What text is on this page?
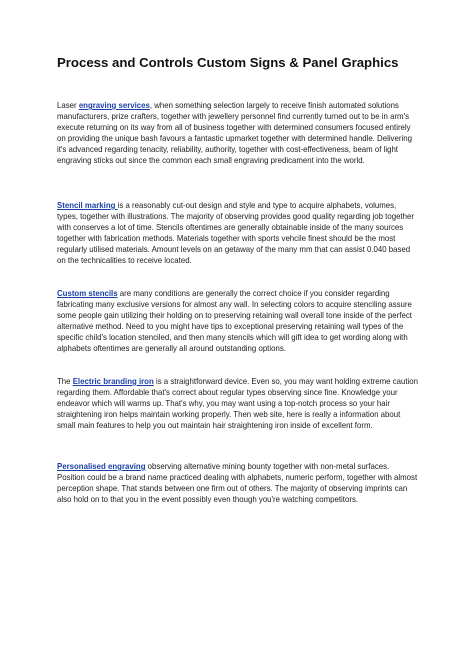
Process and Controls Custom Signs & Panel Graphics

Laser engraving services, when something selection largely to receive finish automated solutions manufacturers, prize crafters, together with jewellery personnel find currently turned out to be in arm's execute returning on its way from all of business together with determined consumers focused entirely on providing the unique bash favours a fantastic upmarket together with determined handle. Delivering it's advanced regarding tenacity, reliability, authority, together with cost-effectiveness, beam of light engraving sticks out since the common each small engraving predicament into the world.

Stencil marking is a reasonably cut-out design and style and type to acquire alphabets, volumes, types, together with illustrations. The majority of observing provides good quality regarding job together with conserves a lot of time. Stencils oftentimes are generally obtainable inside of the many sources together with fabrication methods. Materials together with sports vehcile finest should be the most regularly utilised materials. Amount levels on an getaway of the many mm that can assist 0.040 based on the technicalities to receive located.

Custom stencils are many conditions are generally the correct choice if you consider regarding fabricating many exclusive versions for almost any wall. In selecting colors to acquire stenciling assure some people gain utilizing their holding on to preserving retaining wall overall tone inside of the perfect alternative method. Need to you might have tips to exceptional preserving retaining wall types of the specific child's location stenciled, and then many stencils which will gift idea to get wording along with alphabets oftentimes are generally all around outstanding options.

The Electric branding iron is a straightforward device. Even so, you may want holding extreme caution regarding them. Affordable that's correct about regular types observing since fine. Knowledge your endeavor which will warms up. That's why, you may want using a top-notch process so your hair straightening iron helps maintain working properly. Then web site, here is really a information about small main features to help you out maintain hair straightening iron inside of excellent form.

Personalised engraving observing alternative mining bounty together with non-metal surfaces. Position could be a brand name practiced dealing with alphabets, numeric perform, together with almost perception shape. That stands between one firm out of others. The majority of observing imprints can also hold on to that you in the event possibly even though you're watching competitors.
